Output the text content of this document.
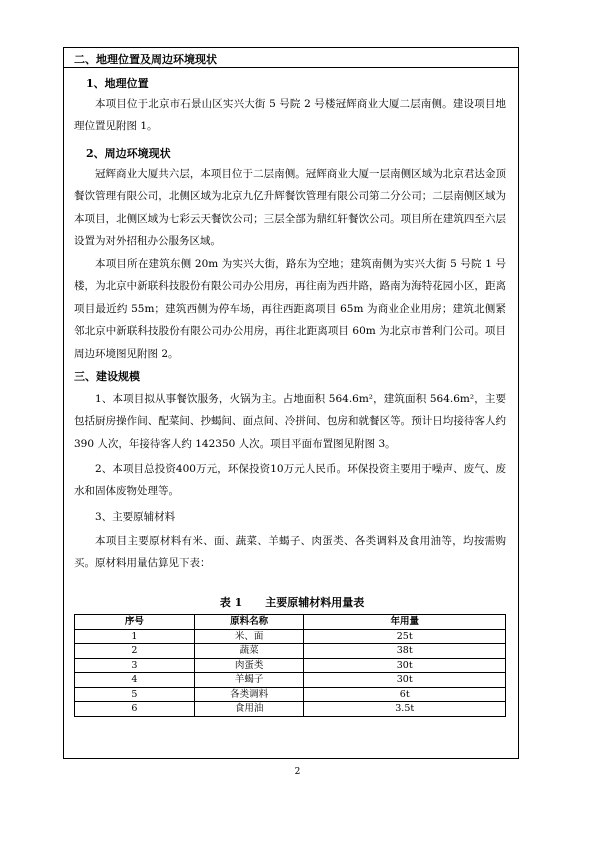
二、地理位置及周边环境现状
1、地理位置
本项目位于北京市石景山区实兴大街 5 号院 2 号楼冠辉商业大厦二层南侧。建设项目地理位置见附图 1。
2、周边环境现状
冠辉商业大厦共六层，本项目位于二层南侧。冠辉商业大厦一层南侧区域为北京君达金顶餐饮管理有限公司，北侧区域为北京九亿升辉餐饮管理有限公司第二分公司；二层南侧区域为本项目，北侧区域为七彩云天餐饮公司；三层全部为鼎红轩餐饮公司。项目所在建筑四至六层设置为对外招租办公服务区域。
本项目所在建筑东侧 20m 为实兴大街，路东为空地；建筑南侧为实兴大街 5 号院 1 号楼，为北京中新联科技股份有限公司办公用房，再往南为西井路，路南为海特花园小区，距离项目最近约 55m；建筑西侧为停车场，再往西距离项目 65m 为商业企业用房；建筑北侧紧邻北京中新联科技股份有限公司办公用房，再往北距离项目 60m 为北京市普利门公司。项目周边环境图见附图 2。
三、建设规模
1、本项目拟从事餐饮服务，火锅为主。占地面积 564.6m²，建筑面积 564.6m²，主要包括厨房操作间、配菜间、抄蝎间、面点间、冷拼间、包房和就餐区等。预计日均接待客人约 390 人次，年接待客人约 142350 人次。项目平面布置图见附图 3。
2、本项目总投资400万元，环保投资10万元人民币。环保投资主要用于噪声、废气、废水和固体废物处理等。
3、主要原辅材料
本项目主要原材料有米、面、蔬菜、羊蝎子、肉蛋类、各类调料及食用油等，均按需购买。原材料用量估算见下表：
表 1      主要原辅材料用量表
序号	原料名称	年用量
1	米、面	25t
2	蔬菜	38t
3	肉蛋类	30t
4	羊蝎子	30t
5	各类调料	6t
6	食用油	3.5t
2
